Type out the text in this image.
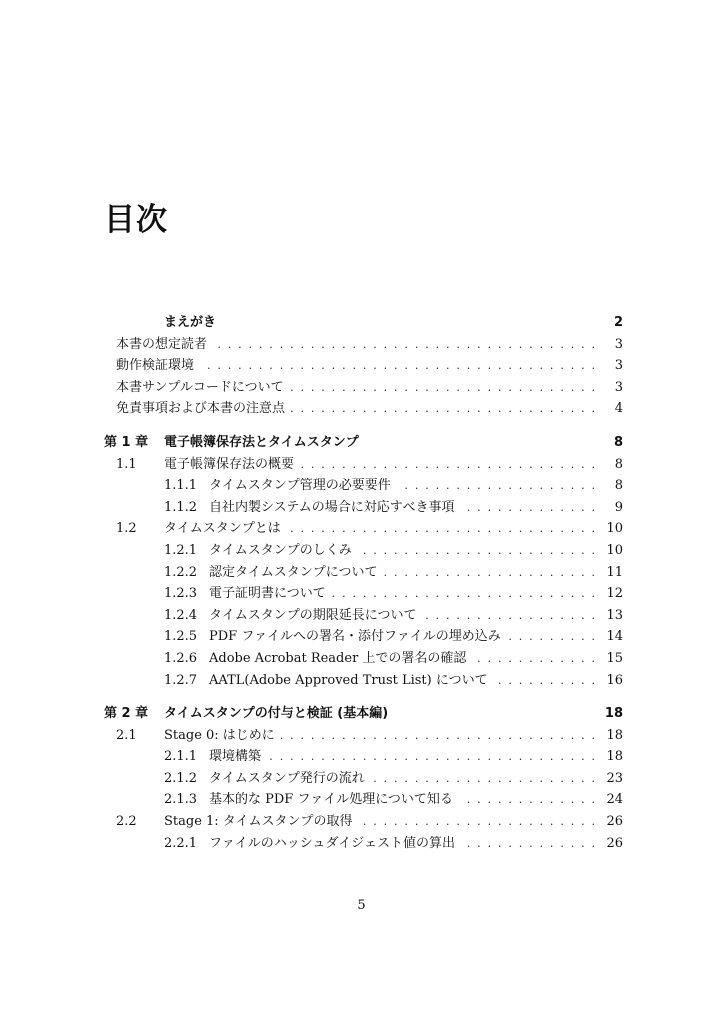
目次
まえがき	2
本書の想定読者 . . .	3
動作検証環境 . . .	3
本書サンプルコードについて . . .	3
免責事項および本書の注意点 . . .	4
第 1 章	電子帳簿保存法とタイムスタンプ	8
1.1	電子帳簿保存法の概要 . . .	8
1.1.1 タイムスタンプ管理の必要要件 . . .	8
1.1.2 自社内製システムの場合に対応すべき事項 . . .	9
1.2	タイムスタンプとは . . .	10
1.2.1 タイムスタンプのしくみ . . .	10
1.2.2 認定タイムスタンプについて . . .	11
1.2.3 電子証明書について . . .	12
1.2.4 タイムスタンプの期限延長について . . .	13
1.2.5 PDF ファイルへの署名・添付ファイルの埋め込み . . .	14
1.2.6 Adobe Acrobat Reader 上での署名の確認 . . .	15
1.2.7 AATL(Adobe Approved Trust List) について . . .	16
第 2 章	タイムスタンプの付与と検証 (基本編)	18
2.1	Stage 0: はじめに . . .	18
2.1.1 環境構築 . . .	18
2.1.2 タイムスタンプ発行の流れ . . .	23
2.1.3 基本的な PDF ファイル処理について知る . . .	24
2.2	Stage 1: タイムスタンプの取得 . . .	26
2.2.1 ファイルのハッシュダイジェスト値の算出 . . .	26
5
